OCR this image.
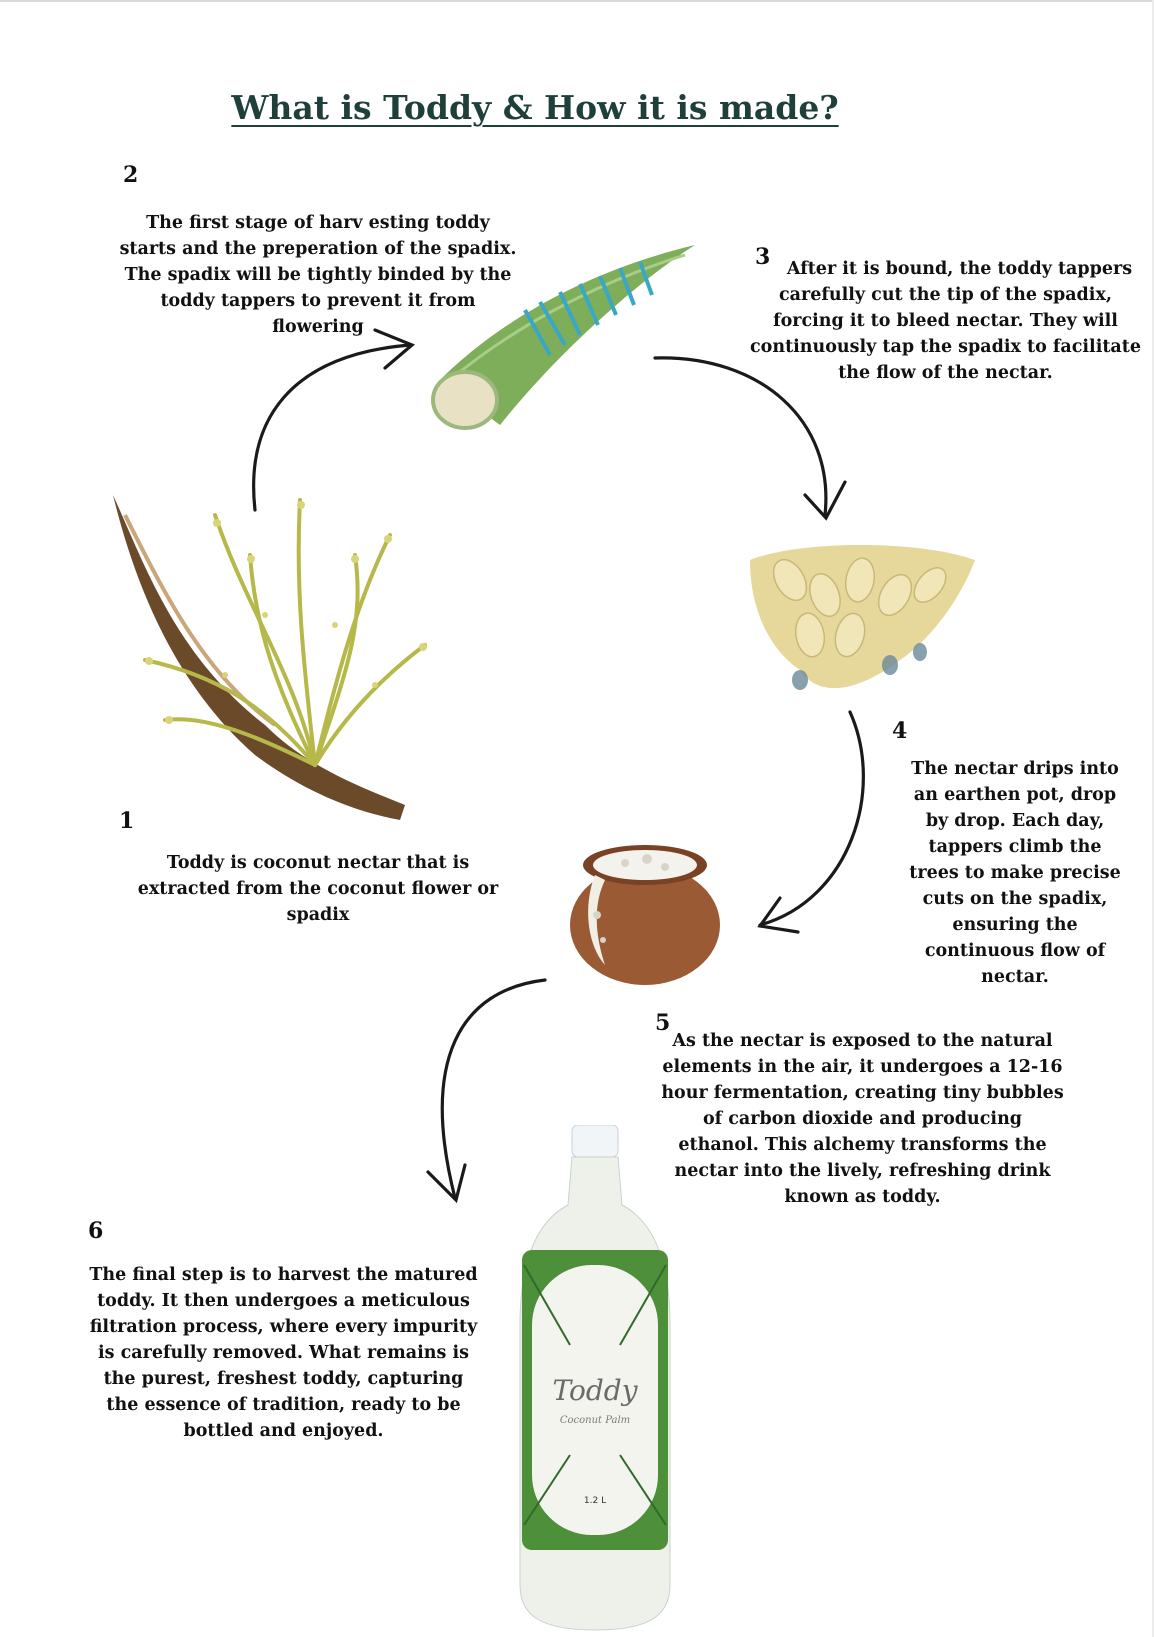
What is Toddy & How it is made?
2
3
1
4
5
6

The first stage of harv esting toddy starts and the preperation of the spadix. The spadix will be tightly binded by the toddy tappers to prevent it from flowering

After it is bound, the toddy tappers carefully cut the tip of the spadix, forcing it to bleed nectar. They will continuously tap the spadix to facilitate the flow of the nectar.

Toddy is coconut nectar that is extracted from the coconut flower or spadix

The nectar drips into an earthen pot, drop by drop. Each day, tappers climb the trees to make precise cuts on the spadix, ensuring the continuous flow of nectar.

As the nectar is exposed to the natural elements in the air, it undergoes a 12-16 hour fermentation, creating tiny bubbles of carbon dioxide and producing ethanol. This alchemy transforms the nectar into the lively, refreshing drink known as toddy.

The final step is to harvest the matured toddy. It then undergoes a meticulous filtration process, where every impurity is carefully removed. What remains is the purest, freshest toddy, capturing the essence of tradition, ready to be bottled and enjoyed.

Toddy
Coconut Palm
1.2 L
